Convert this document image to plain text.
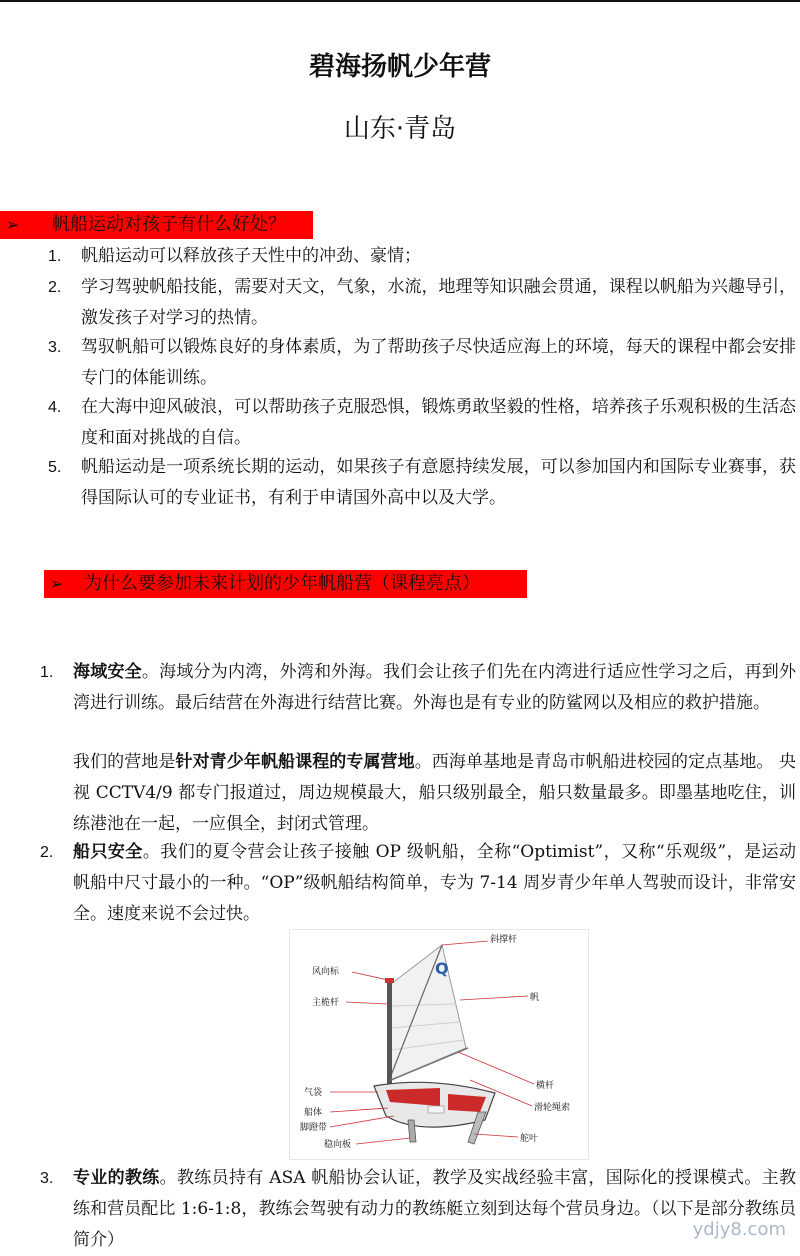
碧海扬帆少年营
山东·青岛
➢ 帆船运动对孩子有什么好处？
1. 帆船运动可以释放孩子天性中的冲劲、豪情；
2. 学习驾驶帆船技能，需要对天文，气象，水流，地理等知识融会贯通，课程以帆船为兴趣导引，激发孩子对学习的热情。
3. 驾驭帆船可以锻炼良好的身体素质，为了帮助孩子尽快适应海上的环境，每天的课程中都会安排专门的体能训练。
4. 在大海中迎风破浪，可以帮助孩子克服恐惧，锻炼勇敢坚毅的性格，培养孩子乐观积极的生活态度和面对挑战的自信。
5. 帆船运动是一项系统长期的运动，如果孩子有意愿持续发展，可以参加国内和国际专业赛事，获得国际认可的专业证书，有利于申请国外高中以及大学。
➢ 为什么要参加未来计划的少年帆船营（课程亮点）
1. 海域安全。海域分为内湾，外湾和外海。我们会让孩子们先在内湾进行适应性学习之后，再到外湾进行训练。最后结营在外海进行结营比赛。外海也是有专业的防鲨网以及相应的救护措施。
我们的营地是针对青少年帆船课程的专属营地。西海单基地是青岛市帆船进校园的定点基地。 央视 CCTV4/9 都专门报道过，周边规模最大，船只级别最全，船只数量最多。即墨基地吃住，训练港池在一起，一应俱全，封闭式管理。
2. 船只安全。我们的夏令营会让孩子接触 OP 级帆船，全称“Optimist”，又称“乐观级”，是运动帆船中尺寸最小的一种。“OP”级帆船结构简单，专为 7-14 周岁青少年单人驾驶而设计，非常安全。速度来说不会过快。
Q
斜撑杆
风向标
主桅杆	帆
横杆
滑轮绳索
气袋
船体
脚蹬带
稳向板
舵叶
3. 专业的教练。教练员持有 ASA 帆船协会认证，教学及实战经验丰富，国际化的授课模式。主教练和营员配比 1:6-1:8，教练会驾驶有动力的教练艇立刻到达每个营员身边。（以下是部分教练员简介）	ydjy8.com
